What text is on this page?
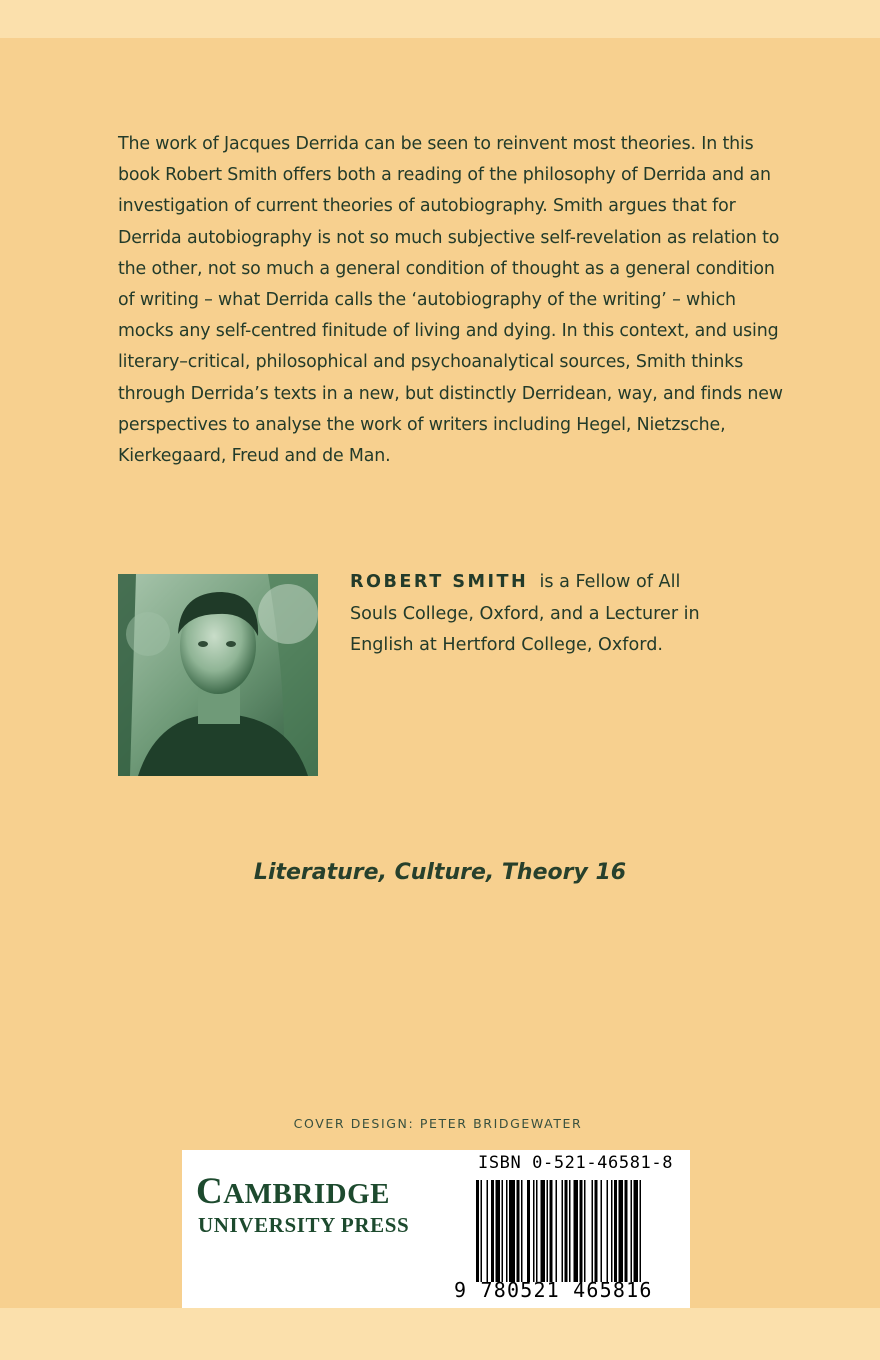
The work of Jacques Derrida can be seen to reinvent most theories. In this
book Robert Smith offers both a reading of the philosophy of Derrida and an
investigation of current theories of autobiography. Smith argues that for
Derrida autobiography is not so much subjective self-revelation as relation to
the other, not so much a general condition of thought as a general condition
of writing – what Derrida calls the ‘autobiography of the writing’ – which
mocks any self-centred finitude of living and dying. In this context, and using
literary–critical, philosophical and psychoanalytical sources, Smith thinks
through Derrida’s texts in a new, but distinctly Derridean, way, and finds new
perspectives to analyse the work of writers including Hegel, Nietzsche,
Kierkegaard, Freud and de Man.
ROBERT SMITH is a Fellow of All
Souls College, Oxford, and a Lecturer in
English at Hertford College, Oxford.
Literature, Culture, Theory 16
COVER DESIGN: PETER BRIDGEWATER
CAMBRIDGE
UNIVERSITY PRESS
ISBN 0-521-46581-8
9 780521 465816
